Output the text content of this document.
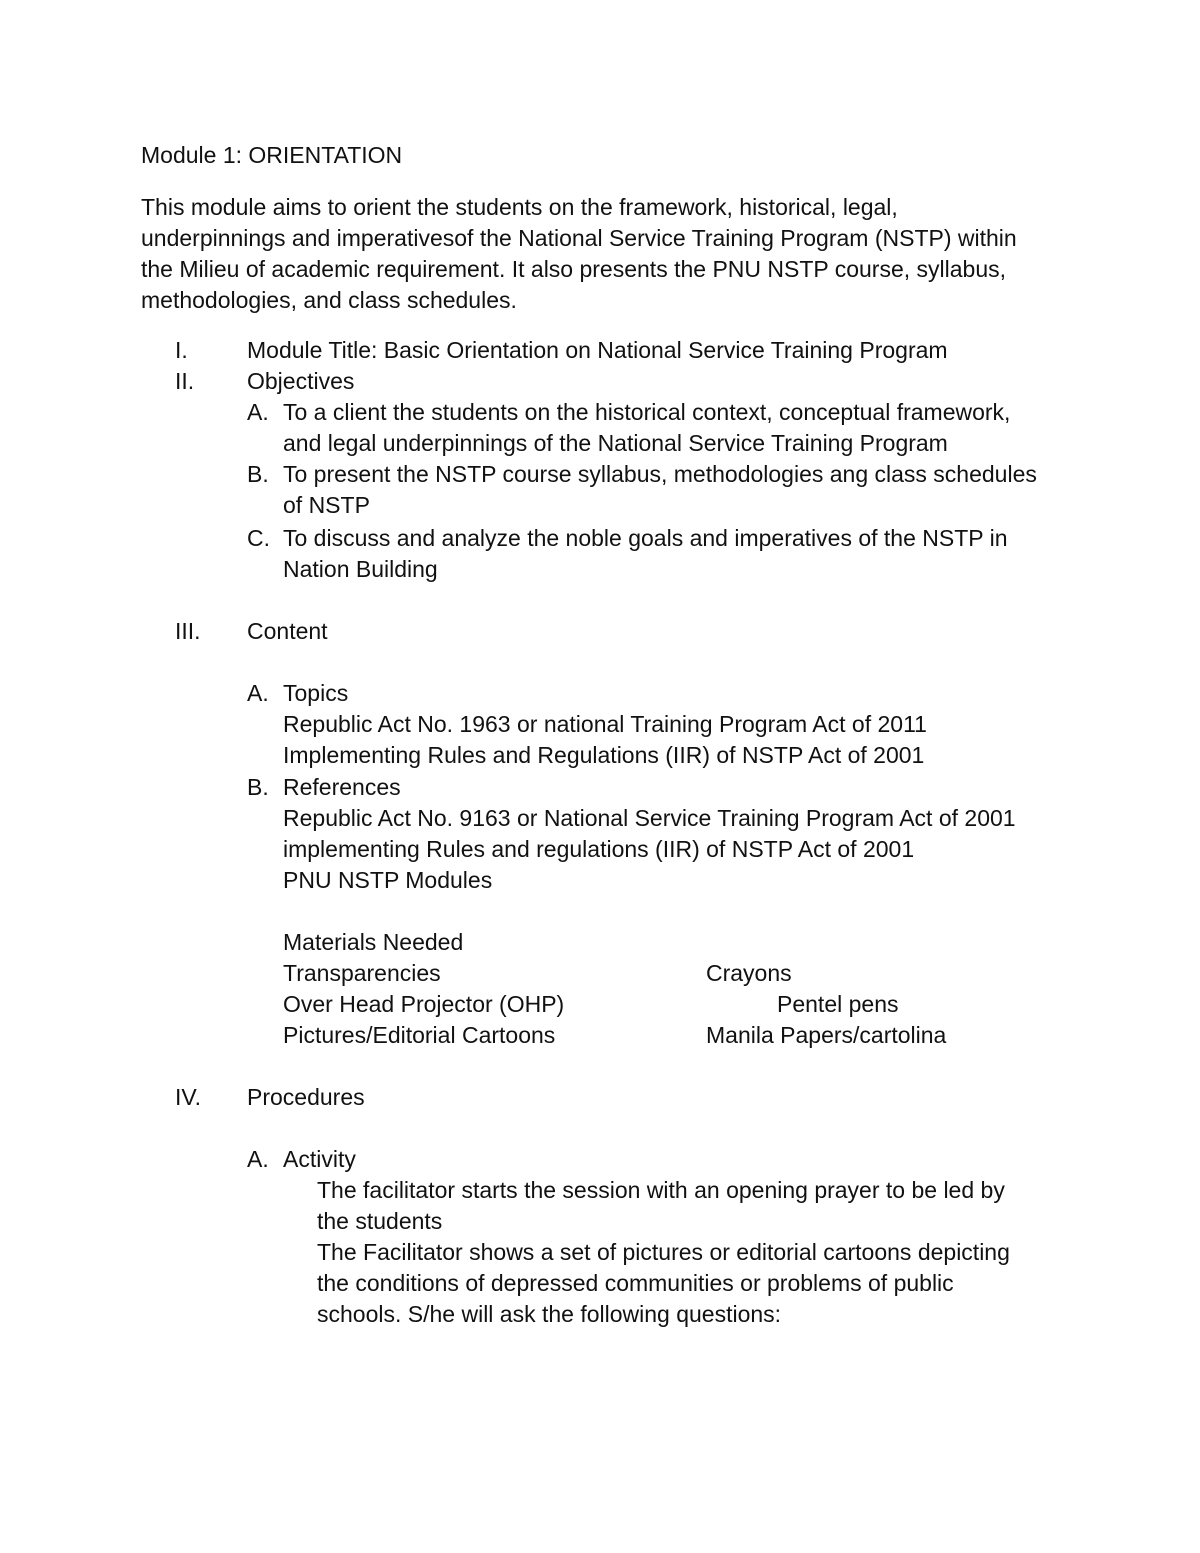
Module 1: ORIENTATION
This module aims to orient the students on the framework, historical, legal,
underpinnings and imperativesof the National Service Training Program (NSTP) within
the Milieu of academic requirement. It also presents the PNU NSTP course, syllabus,
methodologies, and class schedules.
I.	Module Title: Basic Orientation on National Service Training Program
II. Objectives
A. To a client the students on the historical context, conceptual framework,
and legal underpinnings of the National Service Training Program
B. To present the NSTP course syllabus, methodologies ang class schedules
of NSTP
C. To discuss and analyze the noble goals and imperatives of the NSTP in
Nation Building
III. Content
A. Topics
Republic Act No. 1963 or national Training Program Act of 2011
Implementing Rules and Regulations (IIR) of NSTP Act of 2001
B. References
Republic Act No. 9163 or National Service Training Program Act of 2001
implementing Rules and regulations (IIR) of NSTP Act of 2001
PNU NSTP Modules
Materials Needed
Transparencies
Over Head Projector (OHP)
Pictures/Editorial Cartoons
Crayons
Pentel pens
Manila Papers/cartolina
IV. Procedures
A. Activity
The facilitator starts the session with an opening prayer to be led by
the students
The Facilitator shows a set of pictures or editorial cartoons depicting
the conditions of depressed communities or problems of public
schools. S/he will ask the following questions:
